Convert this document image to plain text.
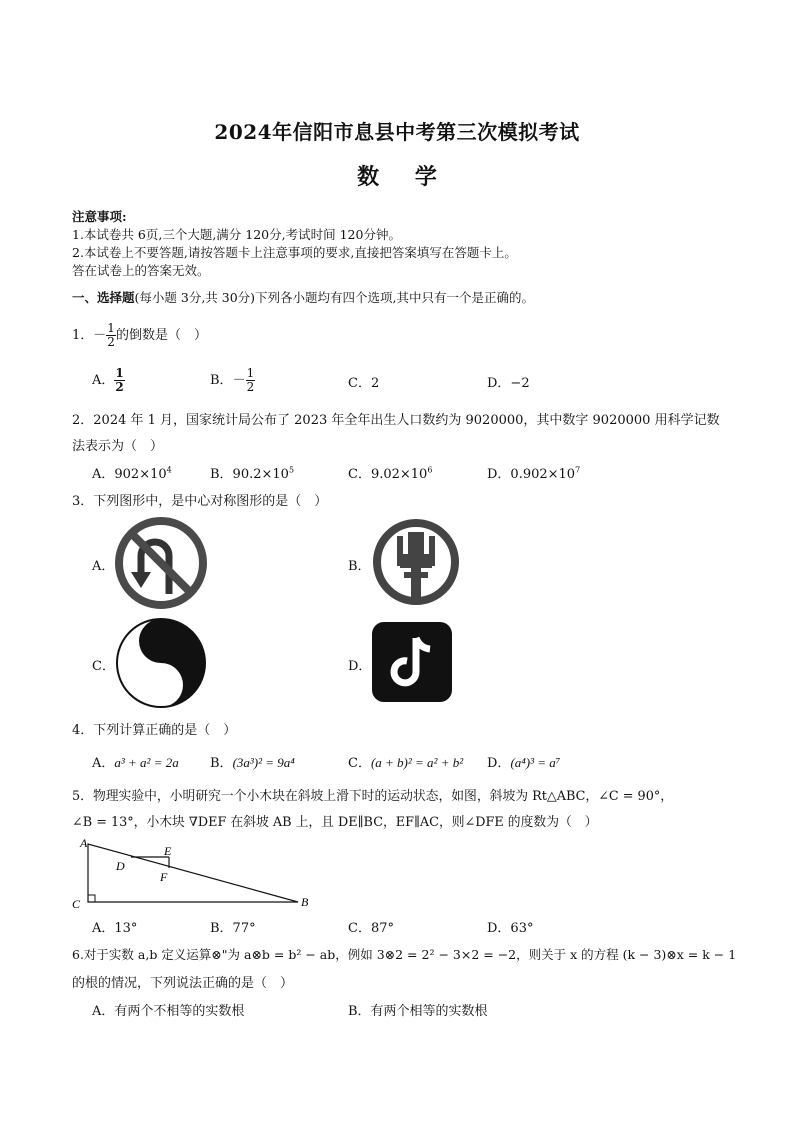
2024年信阳市息县中考第三次模拟考试
数 学
注意事项:
1.本试卷共 6页,三个大题,满分 120分,考试时间 120分钟。
2.本试卷上不要答题,请按答题卡上注意事项的要求,直接把答案填写在答题卡上。
答在试卷上的答案无效。
一、选择题(每小题 3分,共 30分)下列各小题均有四个选项,其中只有一个是正确的。
1．－ $\frac{1}{2}$ 的倒数是（　）
A． $\frac{1}{2}$	B．－ $\frac{1}{2}$	C．2	D．−2
2．2024 年 1 月，国家统计局公布了 2023 年全年出生人口数约为 9020000，其中数字 9020000 用科学记数
法表示为（　）
A．$902\times 10^4$	B．$90.2\times 10^5$	C．$9.02\times 10^6$	D．$0.902\times 10^7$
3．下列图形中，是中心对称图形的是（　）
A．	B．
C．	D．
4．下列计算正确的是（　）
A．a³ + a² = 2a B．(3a³)² = 9a⁴	C．(a + b)² = a² + b² D．(a⁴)³ = a⁷
5．物理实验中，小明研究一个小木块在斜坡上滑下时的运动状态，如图，斜坡为 Rt△ABC，∠C = 90°，
∠B = 13°，小木块 ∇DEF 在斜坡 AB 上，且 DE∥BC，EF∥AC，则∠DFE 的度数为（　）
A
B
C
D
E
F
A．13°	B．77°	C．87°	D．63°
6.对于实数 a,b 定义运算⊗"为 a⊗b = b² − ab，例如 3⊗2 = 2² − 3×2 = −2，则关于 x 的方程 (k − 3)⊗x = k − 1
的根的情况，下列说法正确的是（　）
A．有两个不相等的实数根	B．有两个相等的实数根
